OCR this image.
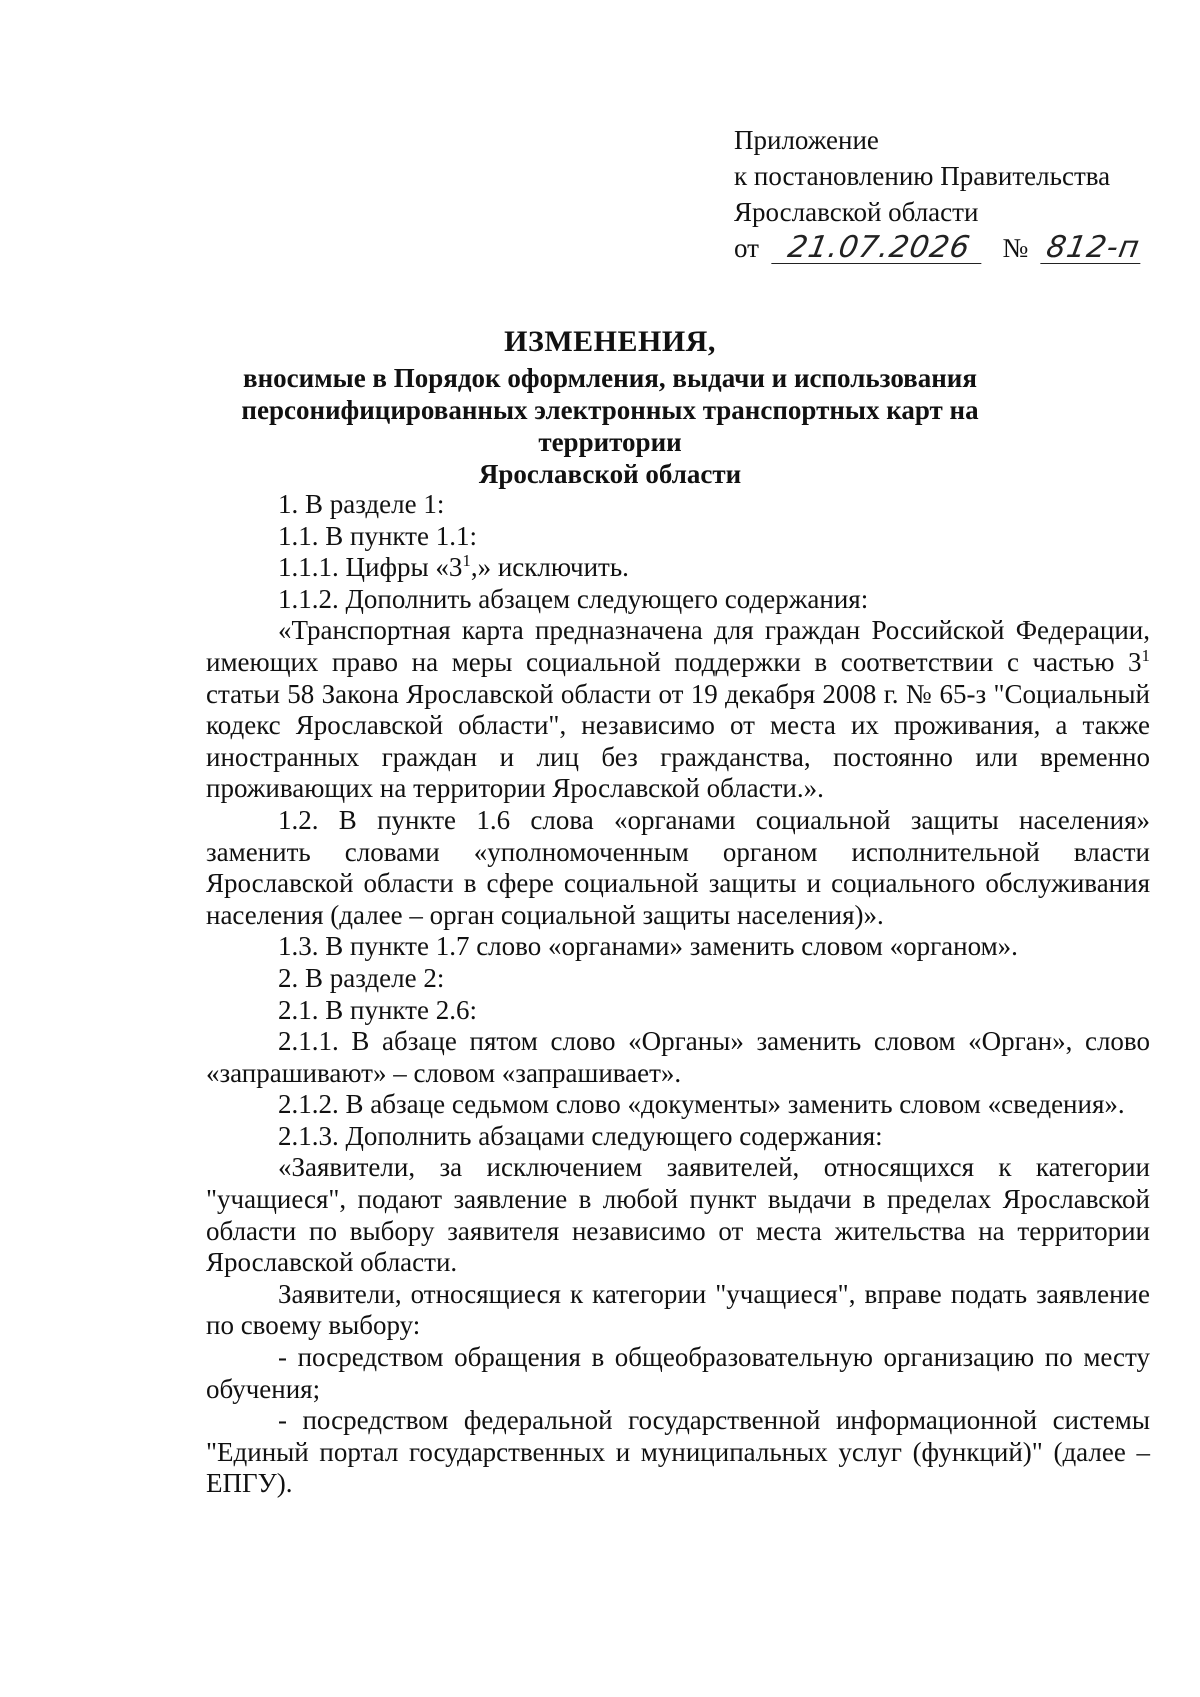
Приложение
к постановлению Правительства
Ярославской области
от 21.07.2026 № 812-п
ИЗМЕНЕНИЯ,
вносимые в Порядок оформления, выдачи и использования
персонифицированных электронных транспортных карт на территории
Ярославской области

1. В разделе 1:

1.1. В пункте 1.1:

1.1.1. Цифры «$3^1$,» исключить.

1.1.2. Дополнить абзацем следующего содержания:

«Транспортная карта предназначена для граждан Российской Федерации, имеющих право на меры социальной поддержки в соответствии с частью $3^1$ статьи 58 Закона Ярославской области от 19 декабря 2008 г. № 65-з "Социальный кодекс Ярославской области", независимо от места их проживания, а также иностранных граждан и лиц без гражданства, постоянно или временно проживающих на территории Ярославской области.».

1.2. В пункте 1.6 слова «органами социальной защиты населения» заменить словами «уполномоченным органом исполнительной власти Ярославской области в сфере социальной защиты и социального обслуживания населения (далее – орган социальной защиты населения)».

1.3. В пункте 1.7 слово «органами» заменить словом «органом».

2. В разделе 2:

2.1. В пункте 2.6:

2.1.1. В абзаце пятом слово «Органы» заменить словом «Орган», слово «запрашивают» – словом «запрашивает».

2.1.2. В абзаце седьмом слово «документы» заменить словом «сведения».

2.1.3. Дополнить абзацами следующего содержания:

«Заявители, за исключением заявителей, относящихся к категории "учащиеся", подают заявление в любой пункт выдачи в пределах Ярославской области по выбору заявителя независимо от места жительства на территории Ярославской области.

Заявители, относящиеся к категории "учащиеся", вправе подать заявление по своему выбору:

- посредством обращения в общеобразовательную организацию по месту обучения;

- посредством федеральной государственной информационной системы "Единый портал государственных и муниципальных услуг (функций)" (далее – ЕПГУ).
